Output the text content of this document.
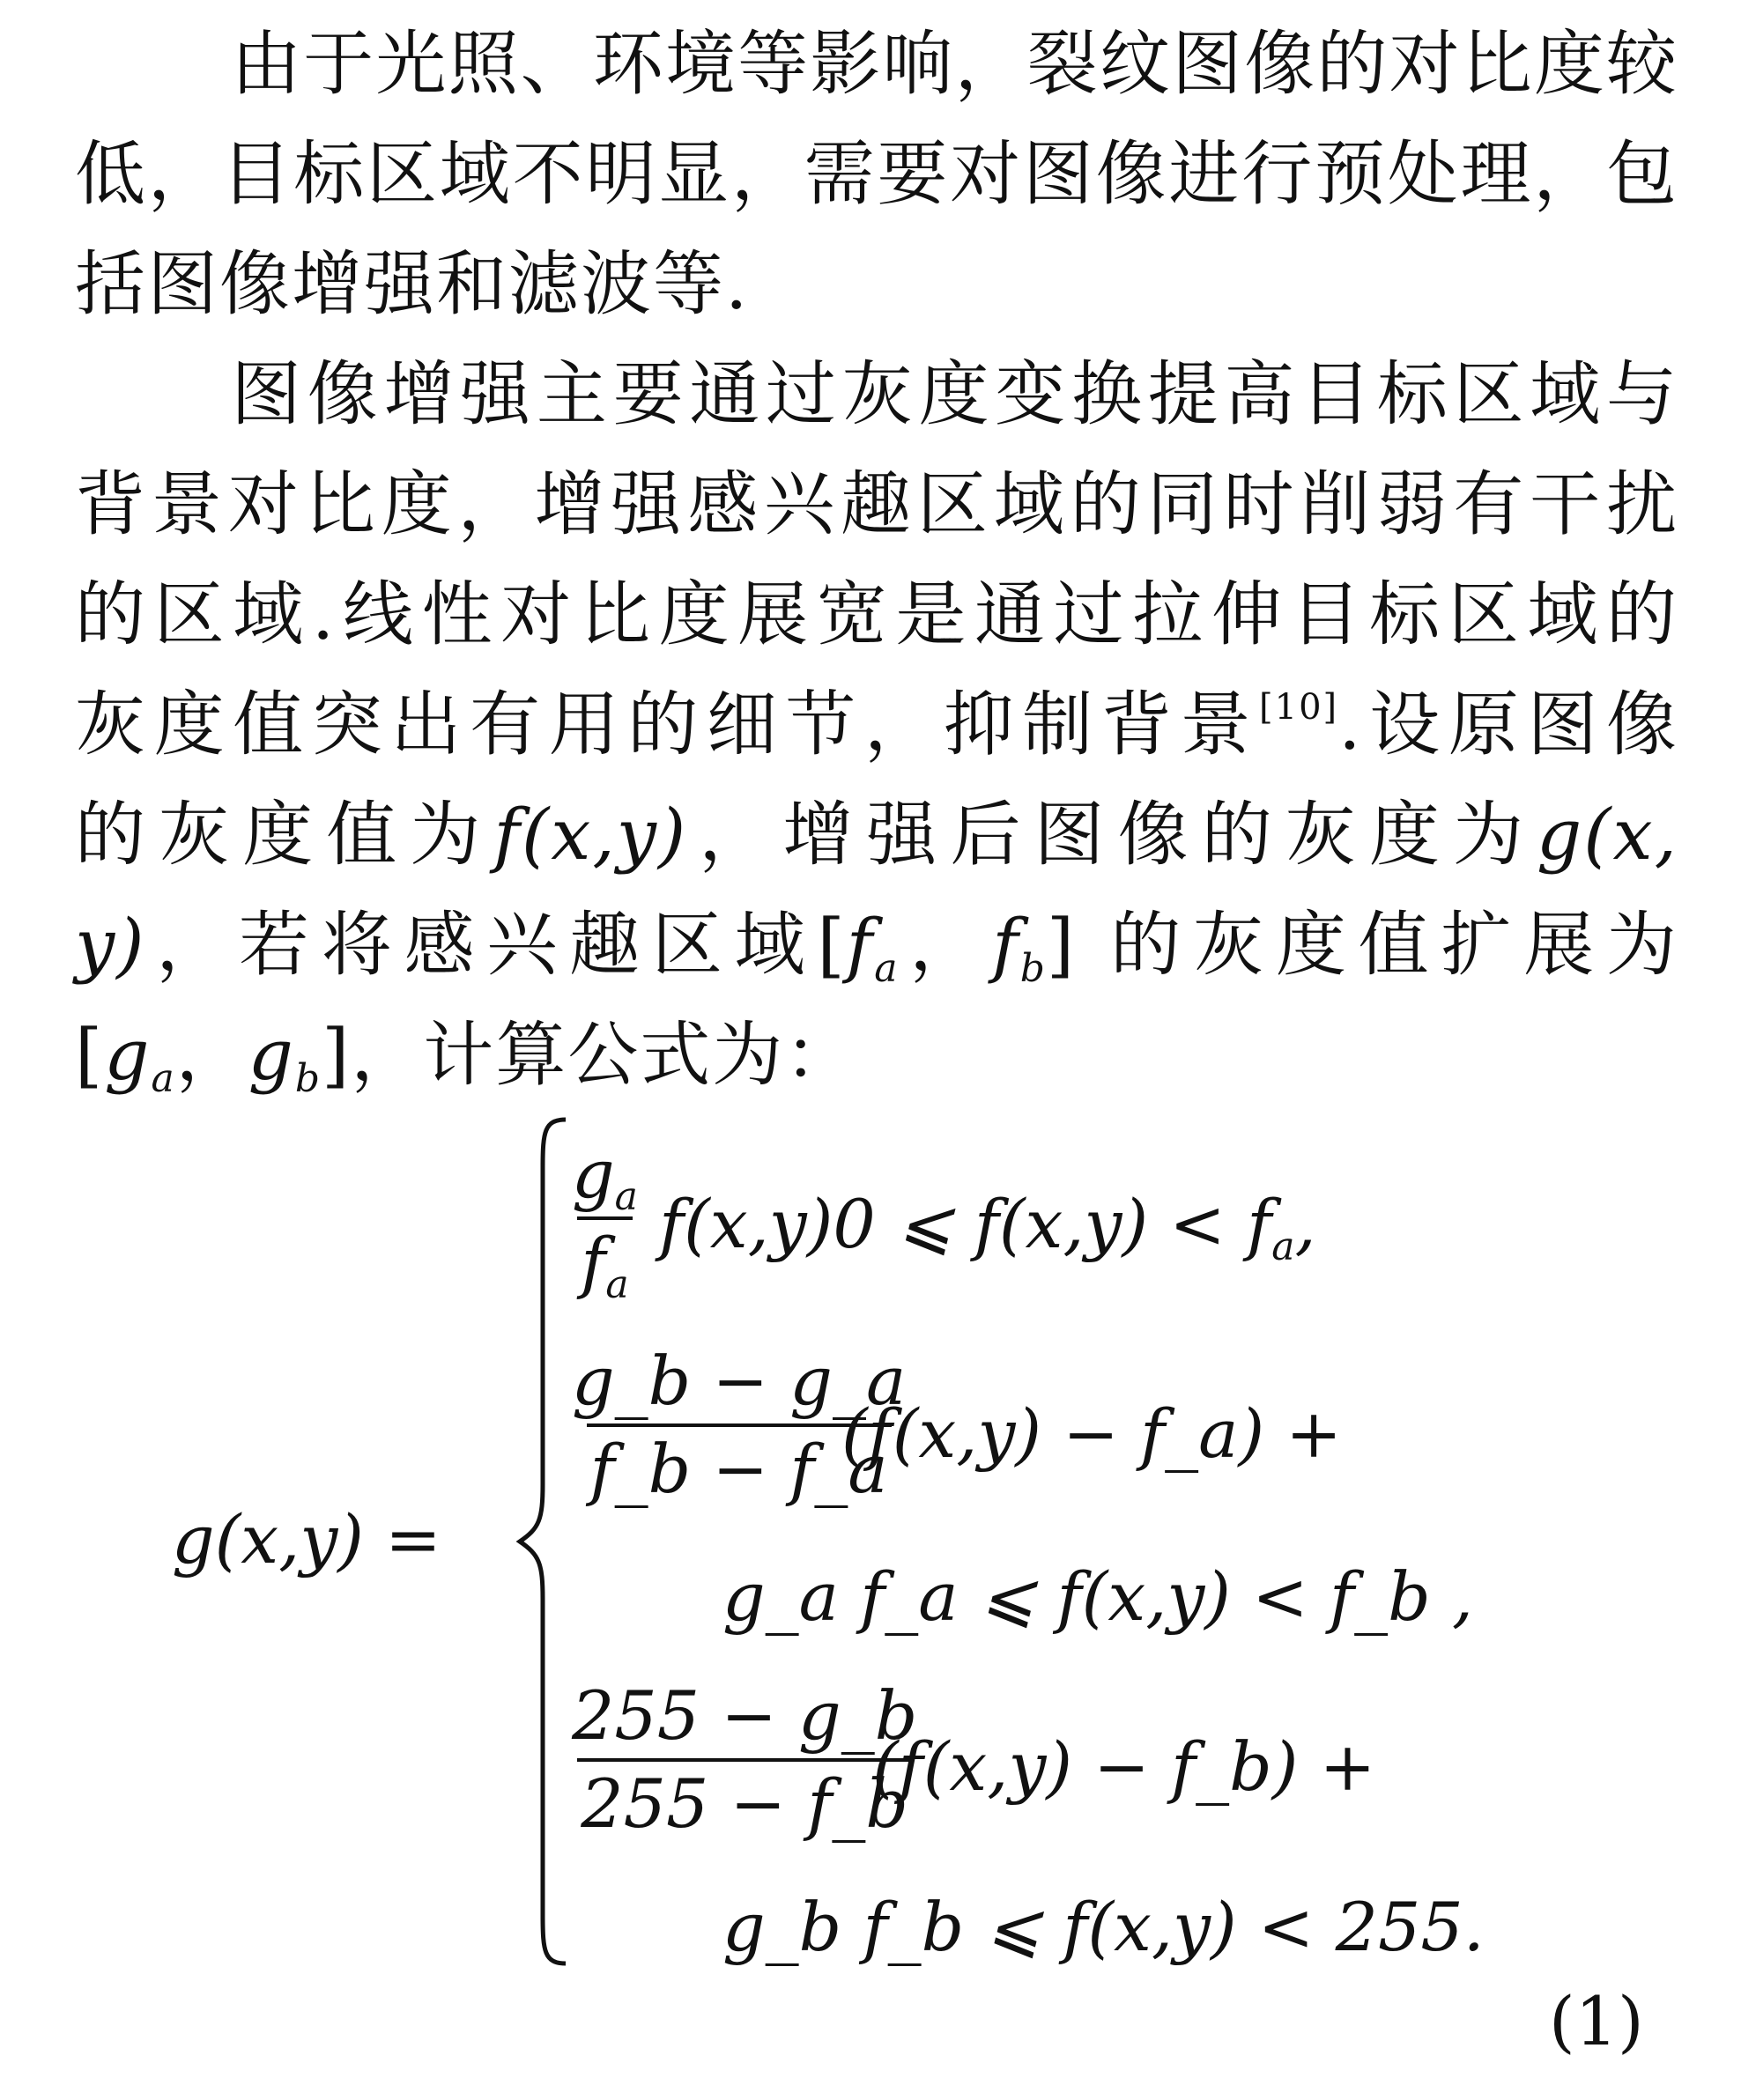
由于光照、环境等影响，裂纹图像的对比度较
低，目标区域不明显，需要对图像进行预处理，包
括图像增强和滤波等.
图像增强主要通过灰度变换提高目标区域与
背景对比度，增强感兴趣区域的同时削弱有干扰
的区域.线性对比度展宽是通过拉伸目标区域的
灰度值突出有用的细节，抑制背景[10].设原图像
的灰度值为f(x,y)，增强后图像的灰度为g(x,
y)，若将感兴趣区域[$f_a$，$f_b$] 的灰度值扩展为
[$g_a$，$g_b$]，计算公式为：
g(x,y) =
$\frac{g_a}{f_a} f(x,y)0$ ⩽ $f(x,y) < f_a$,
$\frac{g\_b - g\_a}{f\_b - f\_a}$
(f(x,y) − f_a) +
g_a f_a ⩽ f(x,y) < f_b ,
$\frac{255 - g\_b}{255 - f\_b}$
(f(x,y) − f_b) +
g_b f_b ⩽ f(x,y) < 255.
(1)
